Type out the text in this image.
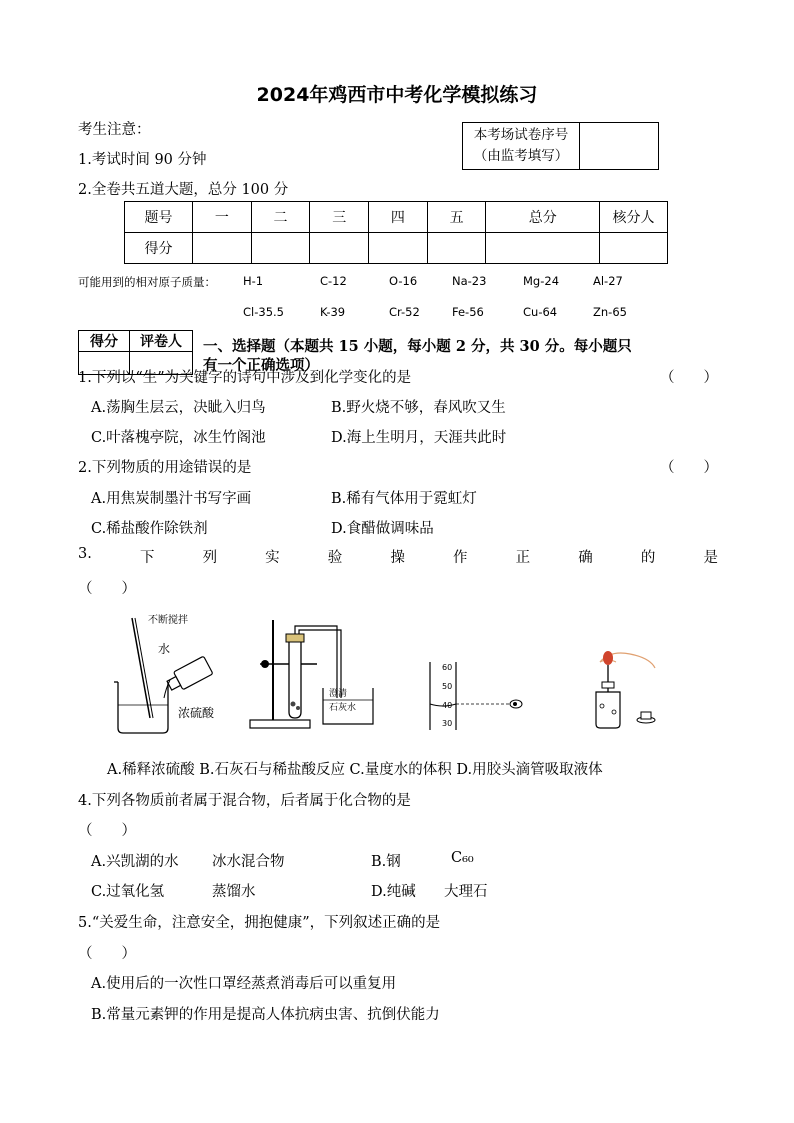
2024年鸡西市中考化学模拟练习
考生注意：
1.考试时间 90 分钟
2.全卷共五道大题，总分 100 分
本考场试卷序号
（由监考填写）

题号	一	二	三	四	五	总分	核分人
得分							
可能用到的相对原子质量： H-1	C-12	O-16	Na-23	Mg-24	Al-27
Cl-35.5	K-39	Cr-52	Fe-56	Cu-64	Zn-65
得分	评卷人
	一、选择题（本题共 15 小题，每小题 2 分，共 30 分。每小题只
有一个正确选项）
1.下列以“生”为关键字的诗句中涉及到化学变化的是	（　　）
A.荡胸生层云，决眦入归鸟	B.野火烧不够，春风吹又生
C.叶落槐亭院，冰生竹阁池	D.海上生明月，天涯共此时
2.下列物质的用途错误的是	（　　）
A.用焦炭制墨汁书写字画	B.稀有气体用于霓虹灯
C.稀盐酸作除铁剂	D.食醋做调味品
3.	下	列	实	验	操	作	正	确	的	是
（　　）
不断搅拌
水
浓硫酸
澄清
石灰水
60
50
40
30
A.稀释浓硫酸 B.石灰石与稀盐酸反应 C.量度水的体积 D.用胶头滴管吸取液体
4.下列各物质前者属于混合物，后者属于化合物的是
（　　）
A.兴凯湖的水 冰水混合物	B.钢	C₆₀
C.过氧化氢	蒸馏水	D.纯碱 大理石
5.“关爱生命，注意安全，拥抱健康”，下列叙述正确的是
（　　）
A.使用后的一次性口罩经蒸煮消毒后可以重复用
B.常量元素钾的作用是提高人体抗病虫害、抗倒伏能力
